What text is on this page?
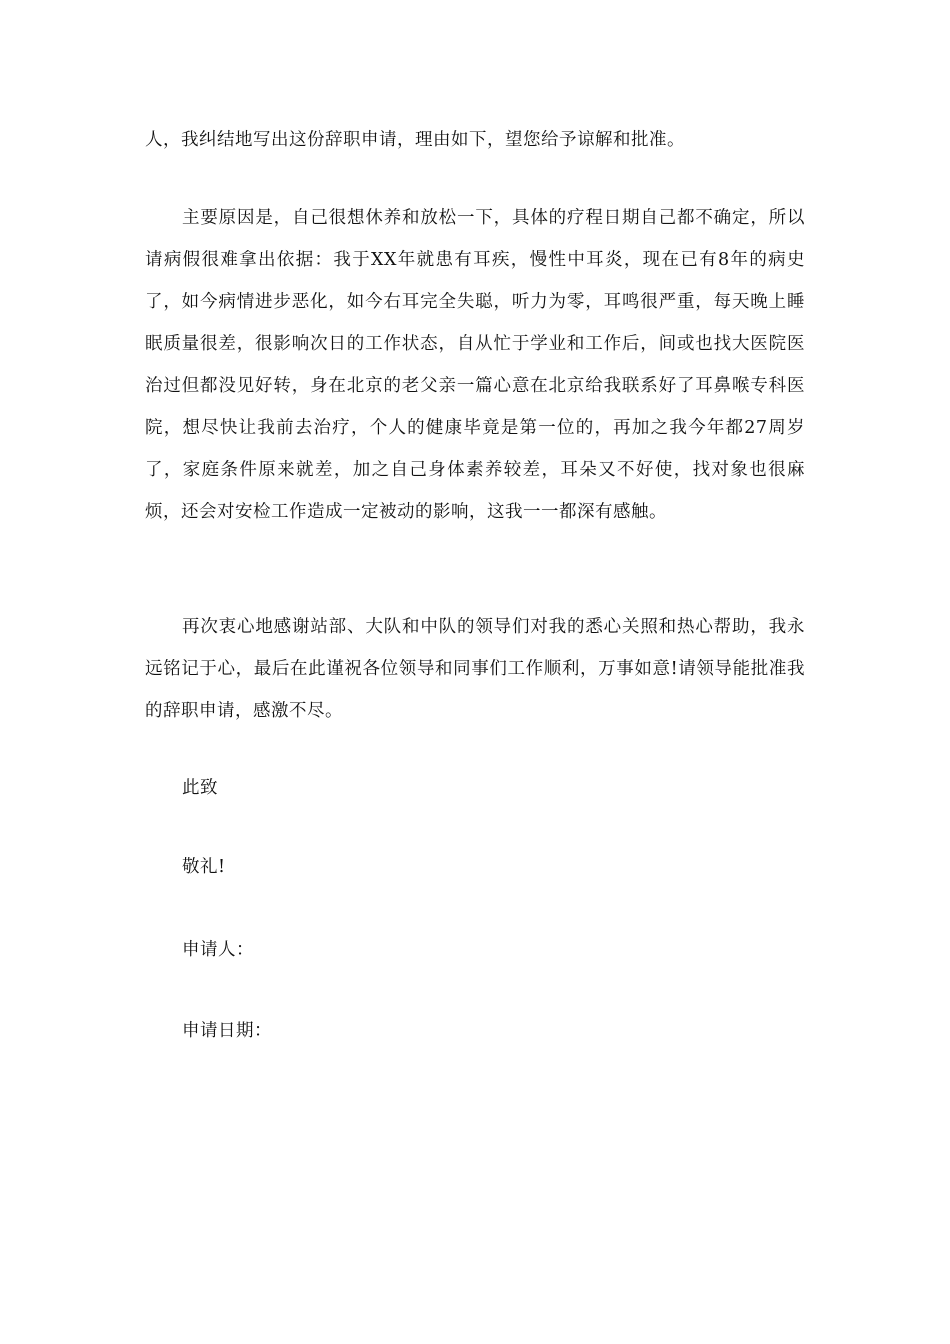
人，我纠结地写出这份辞职申请，理由如下，望您给予谅解和批准。

主要原因是，自己很想休养和放松一下，具体的疗程日期自己都不确定，所以请病假很难拿出依据：我于XX年就患有耳疾，慢性中耳炎，现在已有8年的病史了，如今病情进步恶化，如今右耳完全失聪，听力为零，耳鸣很严重，每天晚上睡眠质量很差，很影响次日的工作状态，自从忙于学业和工作后，间或也找大医院医治过但都没见好转，身在北京的老父亲一篇心意在北京给我联系好了耳鼻喉专科医院，想尽快让我前去治疗，个人的健康毕竟是第一位的，再加之我今年都27周岁了，家庭条件原来就差，加之自己身体素养较差，耳朵又不好使，找对象也很麻烦，还会对安检工作造成一定被动的影响，这我一一都深有感触。

再次衷心地感谢站部、大队和中队的领导们对我的悉心关照和热心帮助，我永远铭记于心，最后在此谨祝各位领导和同事们工作顺利，万事如意!请领导能批准我的辞职申请，感激不尽。

此致

敬礼!

申请人：

申请日期：
